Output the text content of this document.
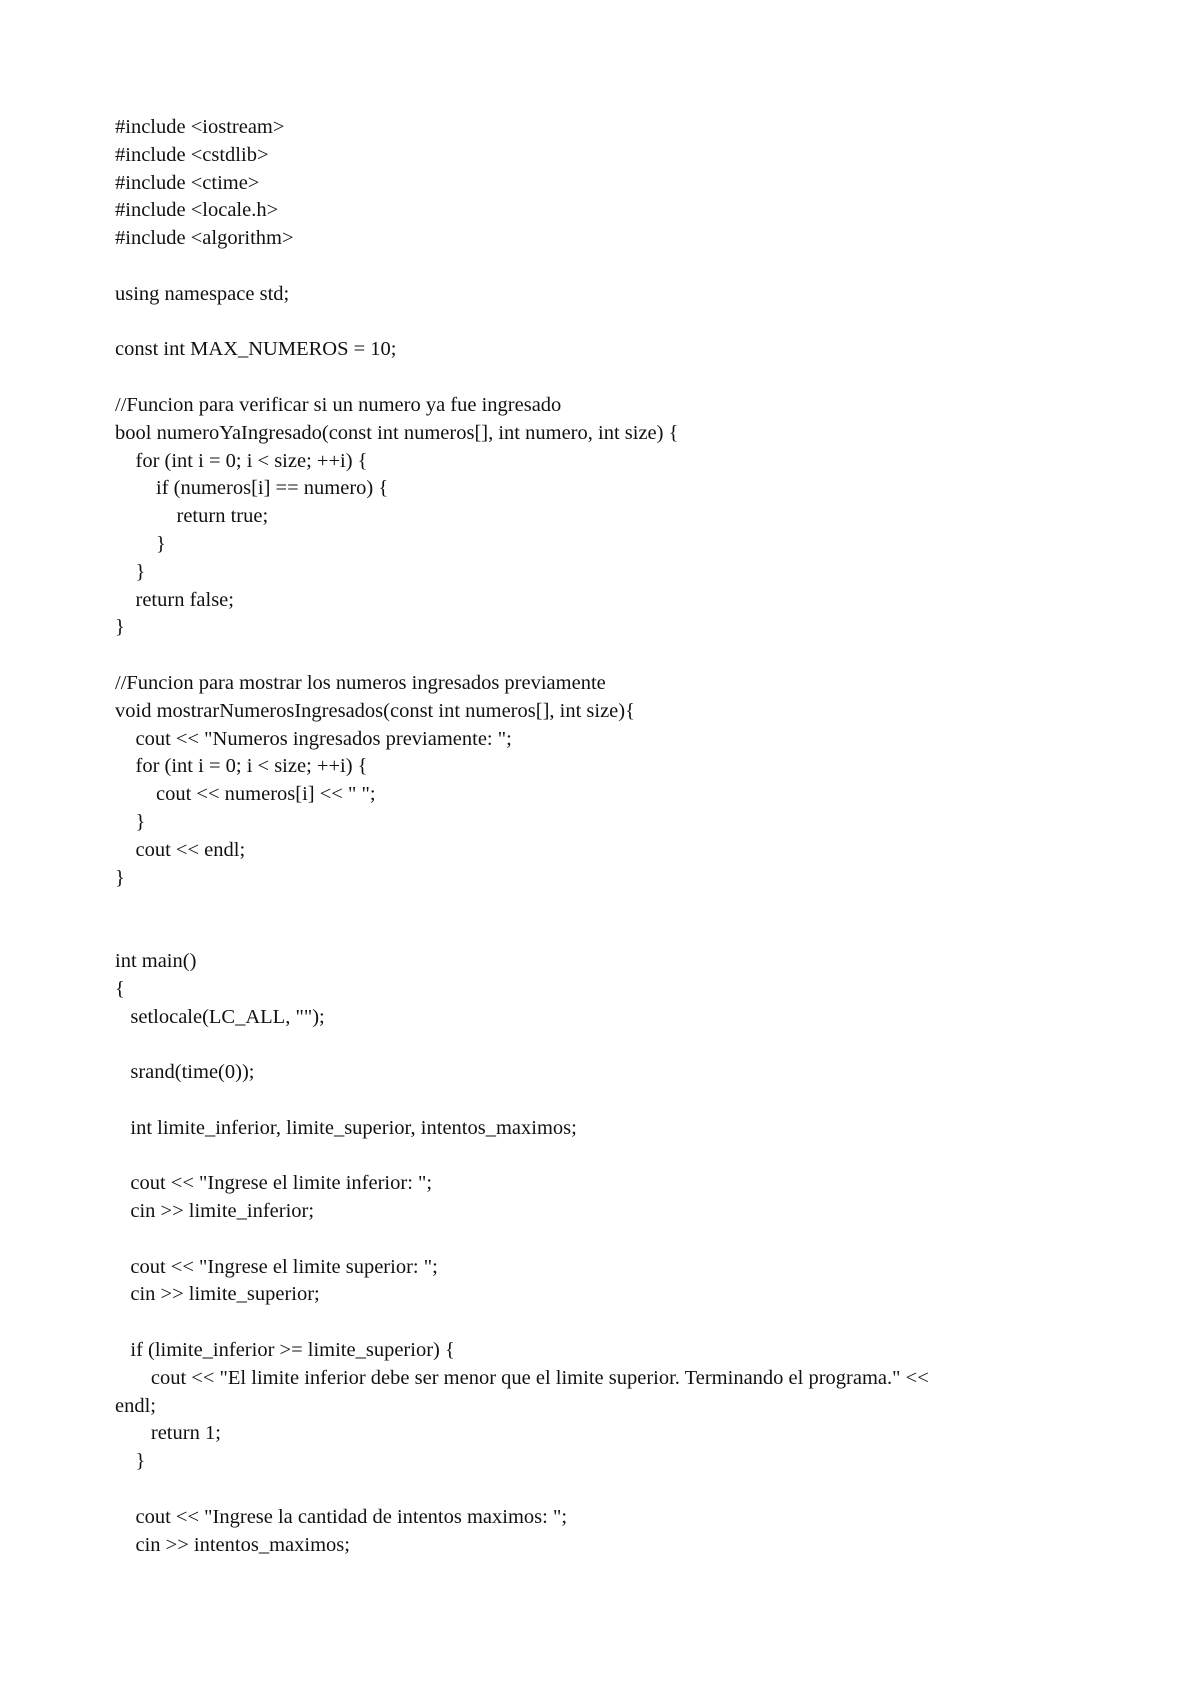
#include <iostream>
#include <cstdlib>
#include <ctime>
#include <locale.h>
#include <algorithm>
using namespace std;
const int MAX_NUMEROS = 10;
//Funcion para verificar si un numero ya fue ingresado
bool numeroYaIngresado(const int numeros[], int numero, int size) {
for (int i = 0; i < size; ++i) {
if (numeros[i] == numero) {
return true;
}
}
return false;
}
//Funcion para mostrar los numeros ingresados previamente
void mostrarNumerosIngresados(const int numeros[], int size){
cout << "Numeros ingresados previamente: ";
for (int i = 0; i < size; ++i) {
cout << numeros[i] << " ";
}
cout << endl;
}
int main()
{
setlocale(LC_ALL, "");
srand(time(0));
int limite_inferior, limite_superior, intentos_maximos;
cout << "Ingrese el limite inferior: ";
cin >> limite_inferior;
cout << "Ingrese el limite superior: ";
cin >> limite_superior;
if (limite_inferior >= limite_superior) {
cout << "El limite inferior debe ser menor que el limite superior. Terminando el programa." <<
endl;
return 1;
}
cout << "Ingrese la cantidad de intentos maximos: ";
cin >> intentos_maximos;
